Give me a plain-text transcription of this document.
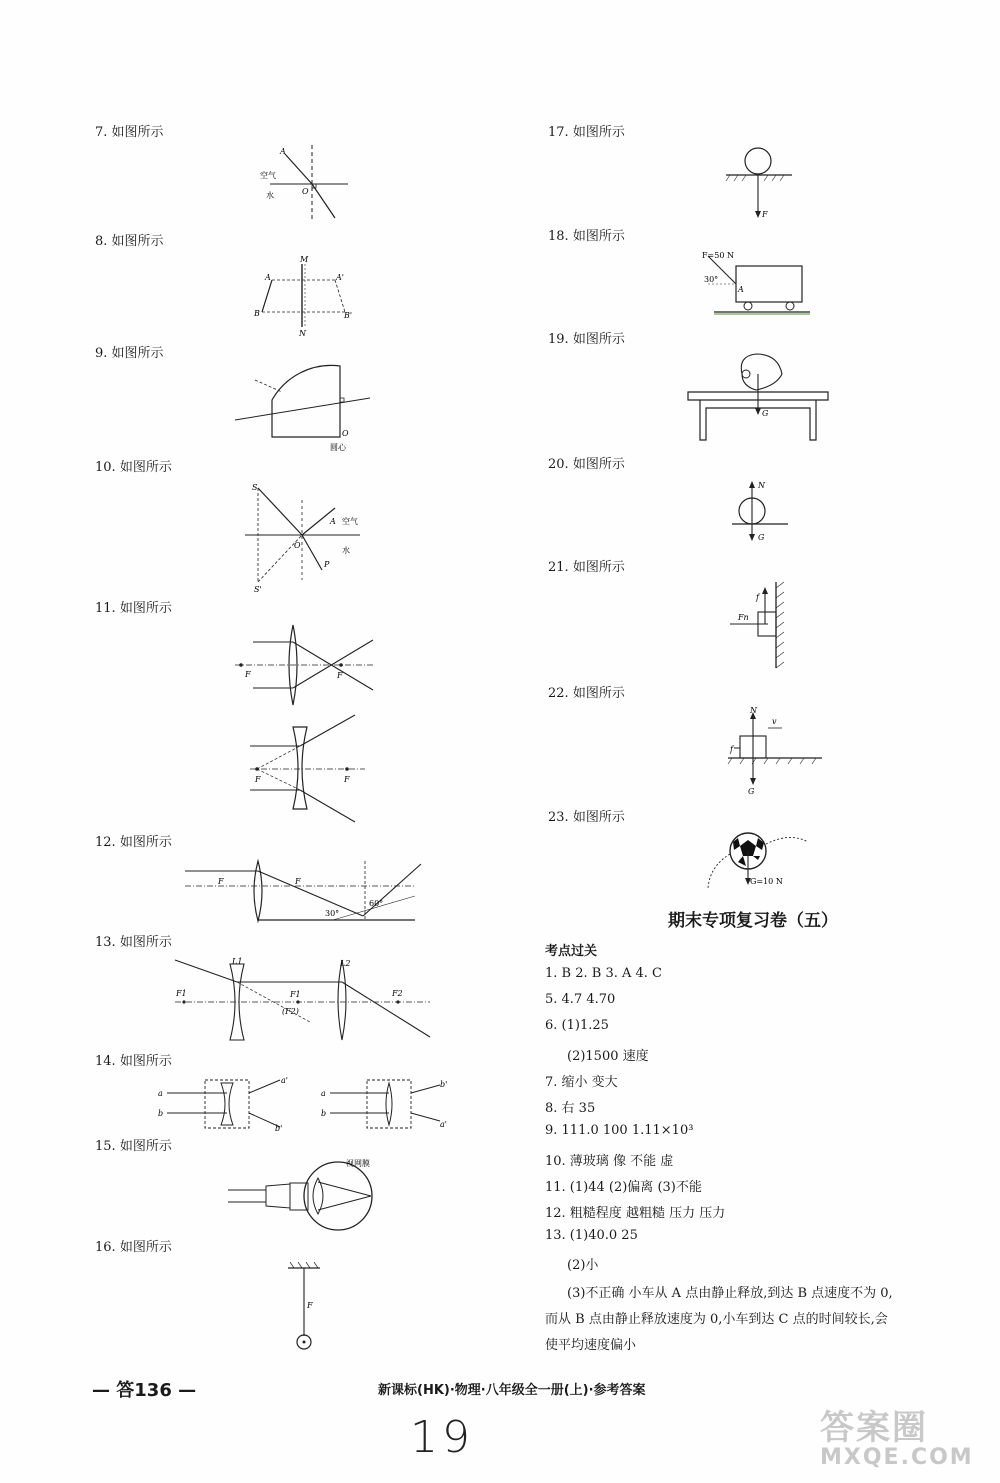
7. 如图所示
8. 如图所示
9. 如图所示
10. 如图所示
11. 如图所示
12. 如图所示
13. 如图所示
14. 如图所示
15. 如图所示
16. 如图所示
A
空气
水	O
M
A	A'
B	B'
N
圆心
O
S
A 空气
O
水
P
S'
F	F
F	F
F	F
60°
30°
L1	L2
F1	F1
(F2)
F2
a
b
a'
b'
a
b
b'
a'
视网膜
F
17. 如图所示
18. 如图所示
19. 如图所示
20. 如图所示
21. 如图所示
22. 如图所示
23. 如图所示
F
F=50 N
30°
A
G
N
G
f
Fn
N
v
f
G
G=10 N
期末专项复习卷（五）
考点过关
1. B 2. B 3. A 4. C
5. 4.7 4.70
6. (1)1.25
(2)1500 速度
7. 缩小 变大
8. 右 35
9. 111.0 100 1.11×10³
10. 薄玻璃 像 不能 虚
11. (1)44 (2)偏离 (3)不能
12. 粗糙程度 越粗糙 压力 压力
13. (1)40.0 25
(2)小
(3)不正确 小车从 A 点由静止释放,到达 B 点速度不为 0,
而从 B 点由静止释放速度为 0,小车到达 C 点的时间较长,会
使平均速度偏小
— 答136 —	新课标(HK)·物理·八年级全一册(上)·参考答案
19	答案圈
MXQE.COM
